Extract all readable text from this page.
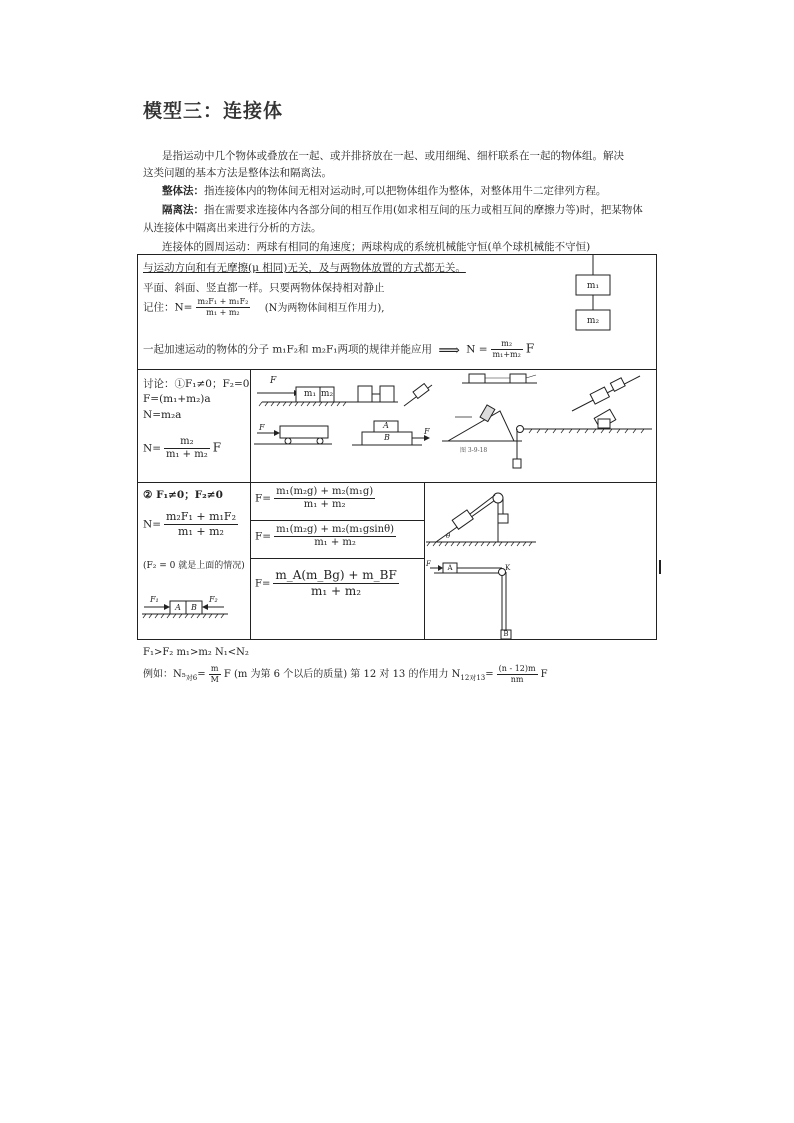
模型三：连接体
是指运动中几个物体或叠放在一起、或并排挤放在一起、或用细绳、细杆联系在一起的物体组。解决
这类问题的基本方法是整体法和隔离法。
整体法：指连接体内的物体间无相对运动时,可以把物体组作为整体，对整体用牛二定律列方程。
隔离法：指在需要求连接体内各部分间的相互作用(如求相互间的压力或相互间的摩擦力等)时，把某物体
从连接体中隔离出来进行分析的方法。
连接体的圆周运动：两球有相同的角速度；两球构成的系统机械能守恒(单个球机械能不守恒)
与运动方向和有无摩擦(μ 相同)无关，及与两物体放置的方式都无关。
平面、斜面、竖直都一样。只要两物体保持相对静止
记住：$N= \frac{\text{m₂F₁ + m₁F₂}}{\text{m₁ + m₂}} (N$为两物体间相互作用力),
一起加速运动的物体的分子 m₁F₂和 m₂F₁两项的规律并能应用 ⟹ $N = \frac{\text{m₂}}{\text{m₁+m₂}}$ F
m₁
m₂
讨论：①F₁≠0；F₂=0
F=(m₁+m₂)a
N=m₂a
$N= \frac{\text{m₂}}{\text{m₁ + m₂}}$ F
F
m₁ m₂
F	A
B
F
图 3-9-18
② F₁≠0；F₂≠0
$N= \frac{\text{m₂F₁ + m₁F₂}}{\text{m₁ + m₂}}$
(F₂ = 0 就是上面的情况)
F₁
A	B
F₂
$F= \frac{\text{m₁(m₂g) + m₂(m₁g)}}{\text{m₁ + m₂}}$
$F= \frac{\text{m₁(m₂g) + m₂(m₁gsinθ)}}{\text{m₁ + m₂}}$
$F= \frac{m\_A(m\_Bg) + m\_BF}{\text{m₁ + m₂}}$
m
θ
F	A	K
B
F₁>F₂ m₁>m₂ N₁<N₂
例如：$N_5_{对6}= \frac{m}{M}$ F (m 为第 6 个以后的质量) 第 12 对 13 的作用力 $N_{12对13}= \frac{(n - 12)m}{nm}$ F
